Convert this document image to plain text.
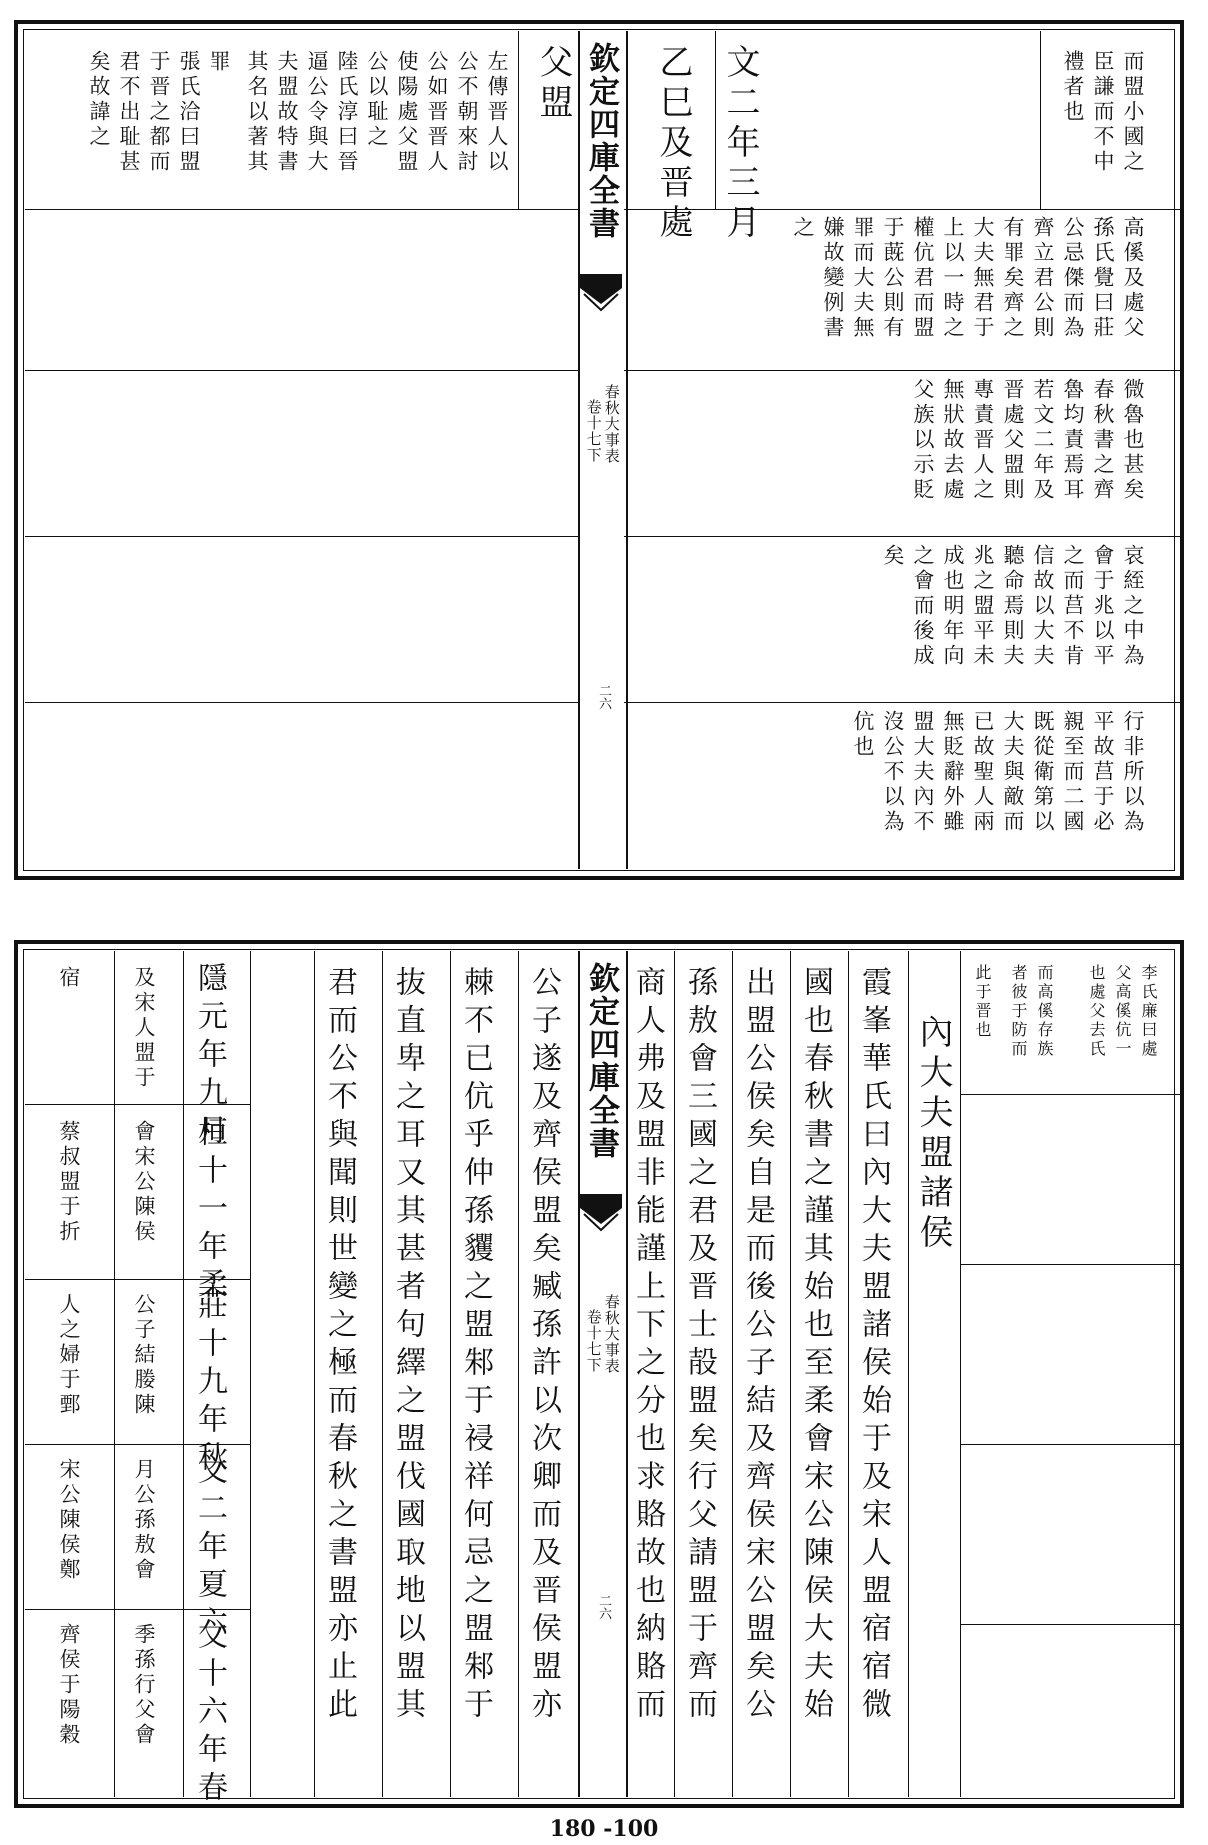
欽定四庫全書
春秋大事表
卷十七下
二六
父盟	文二年三月
乙巳及晋處
左傳晋人以
公不朝來討
公如晋晋人
使陽處父盟
公以耻之
陸氏淳曰晉
逼公令與大
夫盟故特書
其名以著其
罪
張氏洽曰盟
于晋之都而
君不出耻甚
矣故諱之	而盟小國之
臣謙而不中
禮者也
高傒及處父
孫氏覺曰莊
公忌傑而為
齊立君公則
有罪矣齊之
大夫無君于
上以一時之
權伉君而盟
于蔇公則有
罪而大夫無
嫌故變例書
之
微魯也甚矣
春秋書之齊
魯均責焉耳
若文二年及
晋處父盟則
專責晋人之
無狀故去處
父族以示貶
哀絰之中為
會于兆以平
之而莒不肯
信故以大夫
聽命焉則夫
兆之盟平未
成也明年向
之會而後成
矣
行非所以為
平故莒于必
親至而二國
既從衛第以
大夫與敵而
已故聖人兩
無貶辭外雖
盟大夫內不
沒公不以為
伉也
欽定四庫全書
春秋大事表
卷十七下
二六
李氏廉曰處
父高傒伉一
也處父去氏
而高傒存族
者彼于防而
此于晋也
內大夫盟諸侯
霞峯華氏曰內大夫盟諸侯始于及宋人盟宿宿微
國也春秋書之謹其始也至柔會宋公陳侯大夫始
出盟公侯矣自是而後公子結及齊侯宋公盟矣公
孫敖會三國之君及晋士㱿盟矣行父請盟于齊而
商人弗及盟非能謹上下之分也求賂故也納賂而
公子遂及齊侯盟矣臧孫許以次卿而及晋侯盟亦
棘不已伉乎仲孫貜之盟邾于祲祥何忌之盟邾于
抜直卑之耳又其甚者句繹之盟伐國取地以盟其
君而公不與聞則世變之極而春秋之書盟亦止此
隱元年九月
桓十一年柔
莊十九年秋
文二年夏六
文十六年春
及宋人盟于
會宋公陳侯
公子結媵陳
月公孫敖會
季孫行父會
宿
蔡叔盟于折
人之婦于鄄
宋公陳侯鄭
齊侯于陽穀
180 -100
